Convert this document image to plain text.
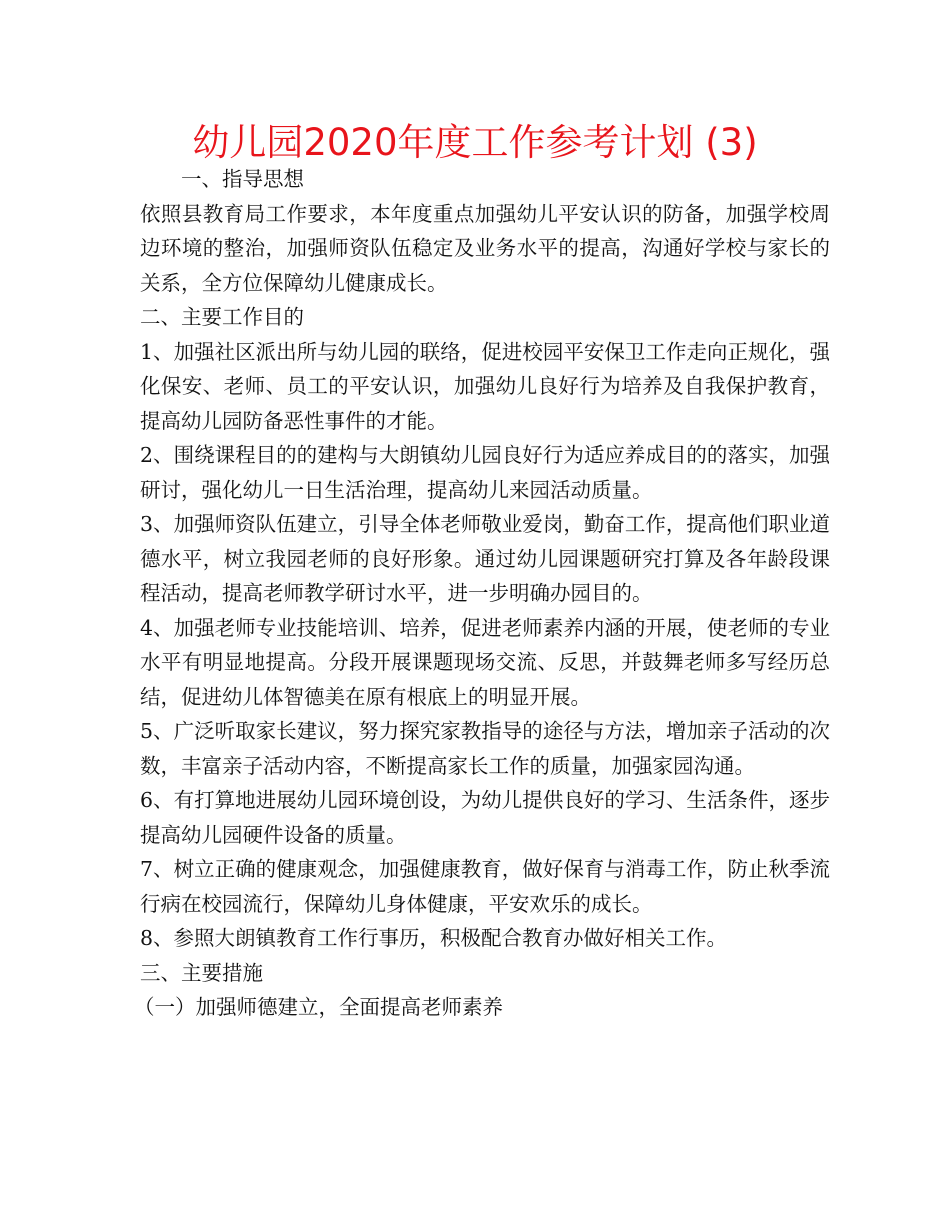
幼儿园2020年度工作参考计划 (3)

一、指导思想

依照县教育局工作要求，本年度重点加强幼儿平安认识的防备，加强学校周边环境的整治，加强师资队伍稳定及业务水平的提高，沟通好学校与家长的关系，全方位保障幼儿健康成长。

二、主要工作目的

1、加强社区派出所与幼儿园的联络，促进校园平安保卫工作走向正规化，强化保安、老师、员工的平安认识，加强幼儿良好行为培养及自我保护教育，提高幼儿园防备恶性事件的才能。

2、围绕课程目的的建构与大朗镇幼儿园良好行为适应养成目的的落实，加强研讨，强化幼儿一日生活治理，提高幼儿来园活动质量。

3、加强师资队伍建立，引导全体老师敬业爱岗，勤奋工作，提高他们职业道德水平，树立我园老师的良好形象。通过幼儿园课题研究打算及各年龄段课程活动，提高老师教学研讨水平，进一步明确办园目的。

4、加强老师专业技能培训、培养，促进老师素养内涵的开展，使老师的专业水平有明显地提高。分段开展课题现场交流、反思，并鼓舞老师多写经历总结，促进幼儿体智德美在原有根底上的明显开展。

5、广泛听取家长建议，努力探究家教指导的途径与方法，增加亲子活动的次数，丰富亲子活动内容，不断提高家长工作的质量，加强家园沟通。

6、有打算地进展幼儿园环境创设，为幼儿提供良好的学习、生活条件，逐步提高幼儿园硬件设备的质量。

7、树立正确的健康观念，加强健康教育，做好保育与消毒工作，防止秋季流行病在校园流行，保障幼儿身体健康，平安欢乐的成长。

8、参照大朗镇教育工作行事历，积极配合教育办做好相关工作。

三、主要措施

（一）加强师德建立，全面提高老师素养
